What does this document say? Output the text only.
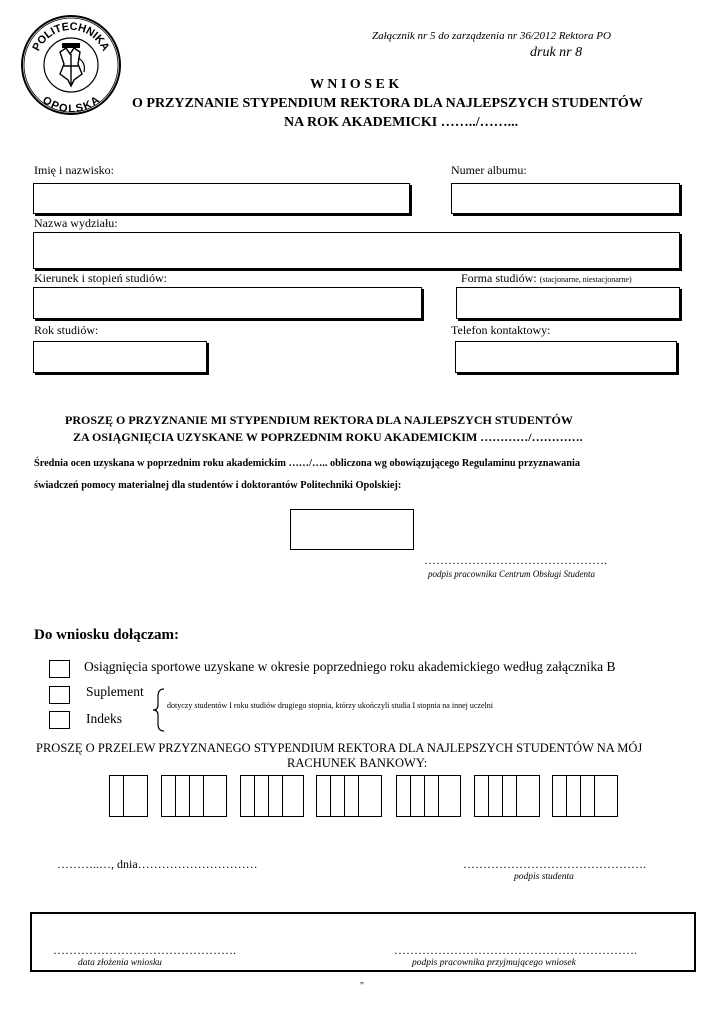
POLITECHNIKA
OPOLSKA
Załącznik nr 5 do zarządzenia nr 36/2012 Rektora PO
druk nr 8
W N I O S E K
O PRZYZNANIE STYPENDIUM REKTORA DLA NAJLEPSZYCH STUDENTÓW
NA ROK AKADEMICKI ……../……...
Imię i nazwisko:	Numer albumu:
Nazwa wydziału:
Kierunek i stopień studiów:	Forma studiów: (stacjonarne, niestacjonarne)
Rok studiów:	Telefon kontaktowy:
PROSZĘ O PRZYZNANIE MI STYPENDIUM REKTORA DLA NAJLEPSZYCH STUDENTÓW
ZA OSIĄGNIĘCIA UZYSKANE W POPRZEDNIM ROKU AKADEMICKIM …………/………….
Średnia ocen uzyskana w poprzednim roku akademickim ……/….. obliczona wg obowiązującego Regulaminu przyznawania
świadczeń pomocy materialnej dla studentów i doktorantów Politechniki Opolskiej:
……………………………………….
podpis pracownika Centrum Obsługi Studenta
Do wniosku dołączam:
Osiągnięcia sportowe uzyskane w okresie poprzedniego roku akademickiego według załącznika B
Suplement
Indeks
dotyczy studentów I roku studiów drugiego stopnia, którzy ukończyli studia I stopnia na innej uczelni
PROSZĘ O PRZELEW PRZYZNANEGO STYPENDIUM REKTORA DLA NAJLEPSZYCH STUDENTÓW NA MÓJ
RACHUNEK BANKOWY:
………..…, dnia…………………………	……………………………………….
podpis studenta
……………………………………….
data złożenia wniosku
…………………………………………………….
podpis pracownika przyjmującego wniosek
"
